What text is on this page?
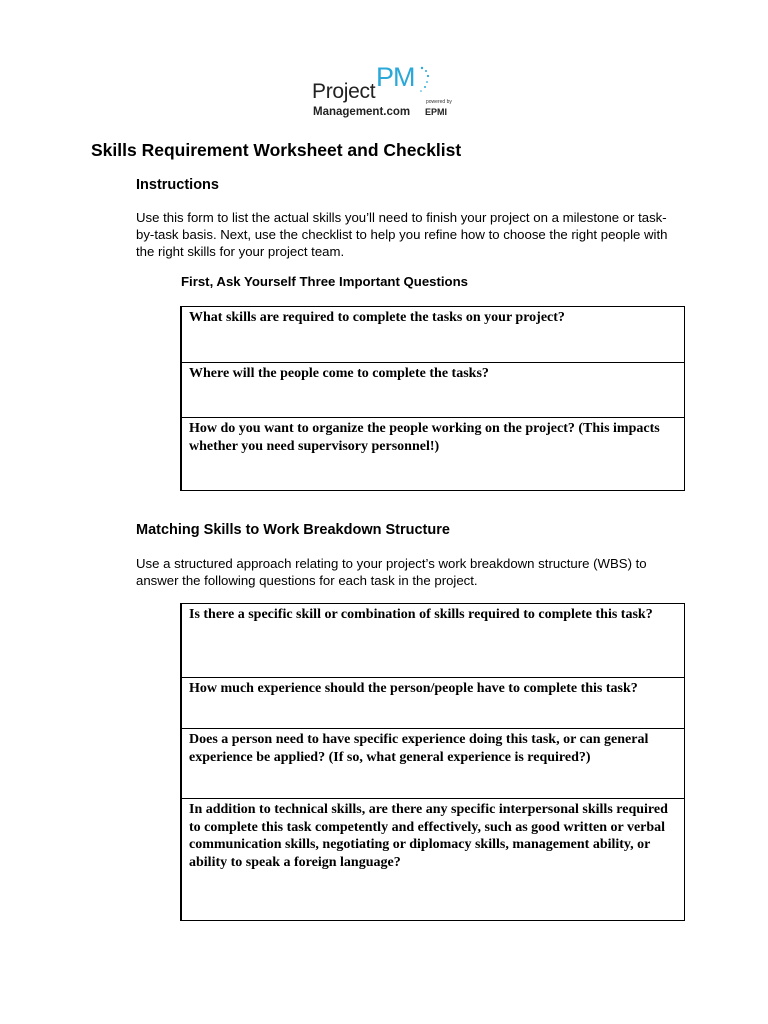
PM
Project
Management.com
powered by
EPMI
Skills Requirement Worksheet and Checklist
Instructions

Use this form to list the actual skills you’ll need to finish your project on a milestone or task-by-task basis. Next, use the checklist to help you refine how to choose the right people with the right skills for your project team.

First, Ask Yourself Three Important Questions
What skills are required to complete the tasks on your project?
Where will the people come to complete the tasks?
How do you want to organize the people working on the project? (This impacts whether you need supervisory personnel!)
Matching Skills to Work Breakdown Structure

Use a structured approach relating to your project’s work breakdown structure (WBS) to answer the following questions for each task in the project.

Is there a specific skill or combination of skills required to complete this task?
How much experience should the person/people have to complete this task?
Does a person need to have specific experience doing this task, or can general experience be applied? (If so, what general experience is required?)
In addition to technical skills, are there any specific interpersonal skills required to complete this task competently and effectively, such as good written or verbal communication skills, negotiating or diplomacy skills, management ability, or ability to speak a foreign language?
